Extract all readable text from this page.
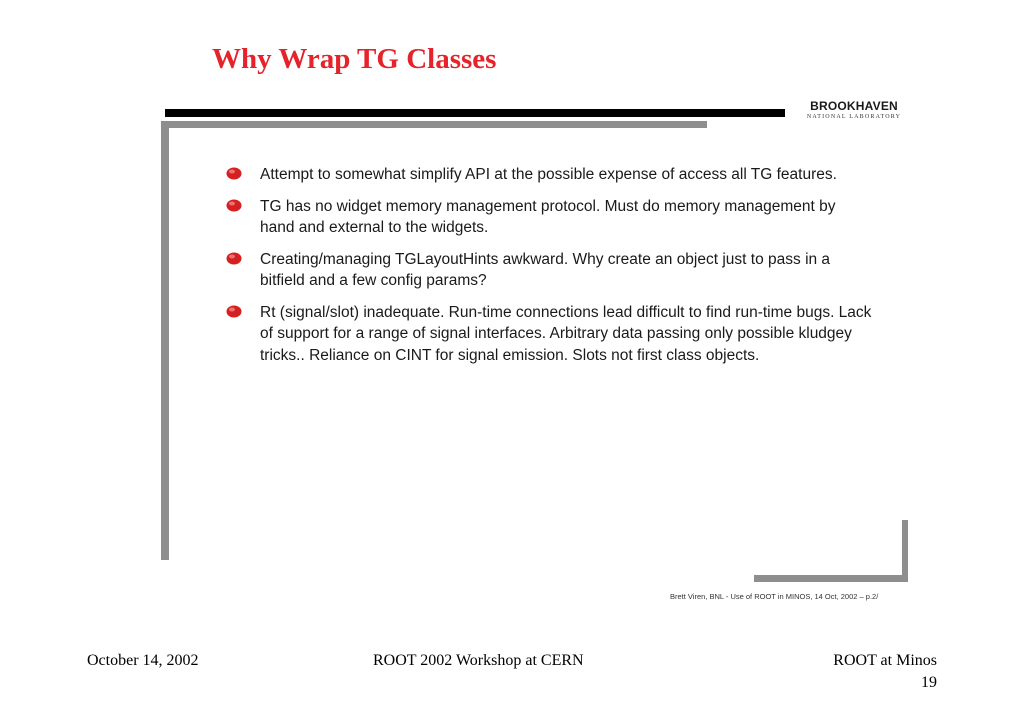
Why Wrap TG Classes
BROOKHAVEN
NATIONAL LABORATORY
Attempt to somewhat simplify API at the possible expense of access all TG features.
TG has no widget memory management protocol. Must do memory management by hand and external to the widgets.
Creating/managing TGLayoutHints awkward. Why create an object just to pass in a bitfield and a few config params?
Rt (signal/slot) inadequate. Run-time connections lead difficult to find run-time bugs. Lack of support for a range of signal interfaces. Arbitrary data passing only possible kludgey tricks.. Reliance on CINT for signal emission. Slots not first class objects.
Brett Viren, BNL - Use of ROOT in MINOS, 14 Oct, 2002 – p.2/
October 14, 2002	ROOT 2002 Workshop at CERN	ROOT at Minos
19
